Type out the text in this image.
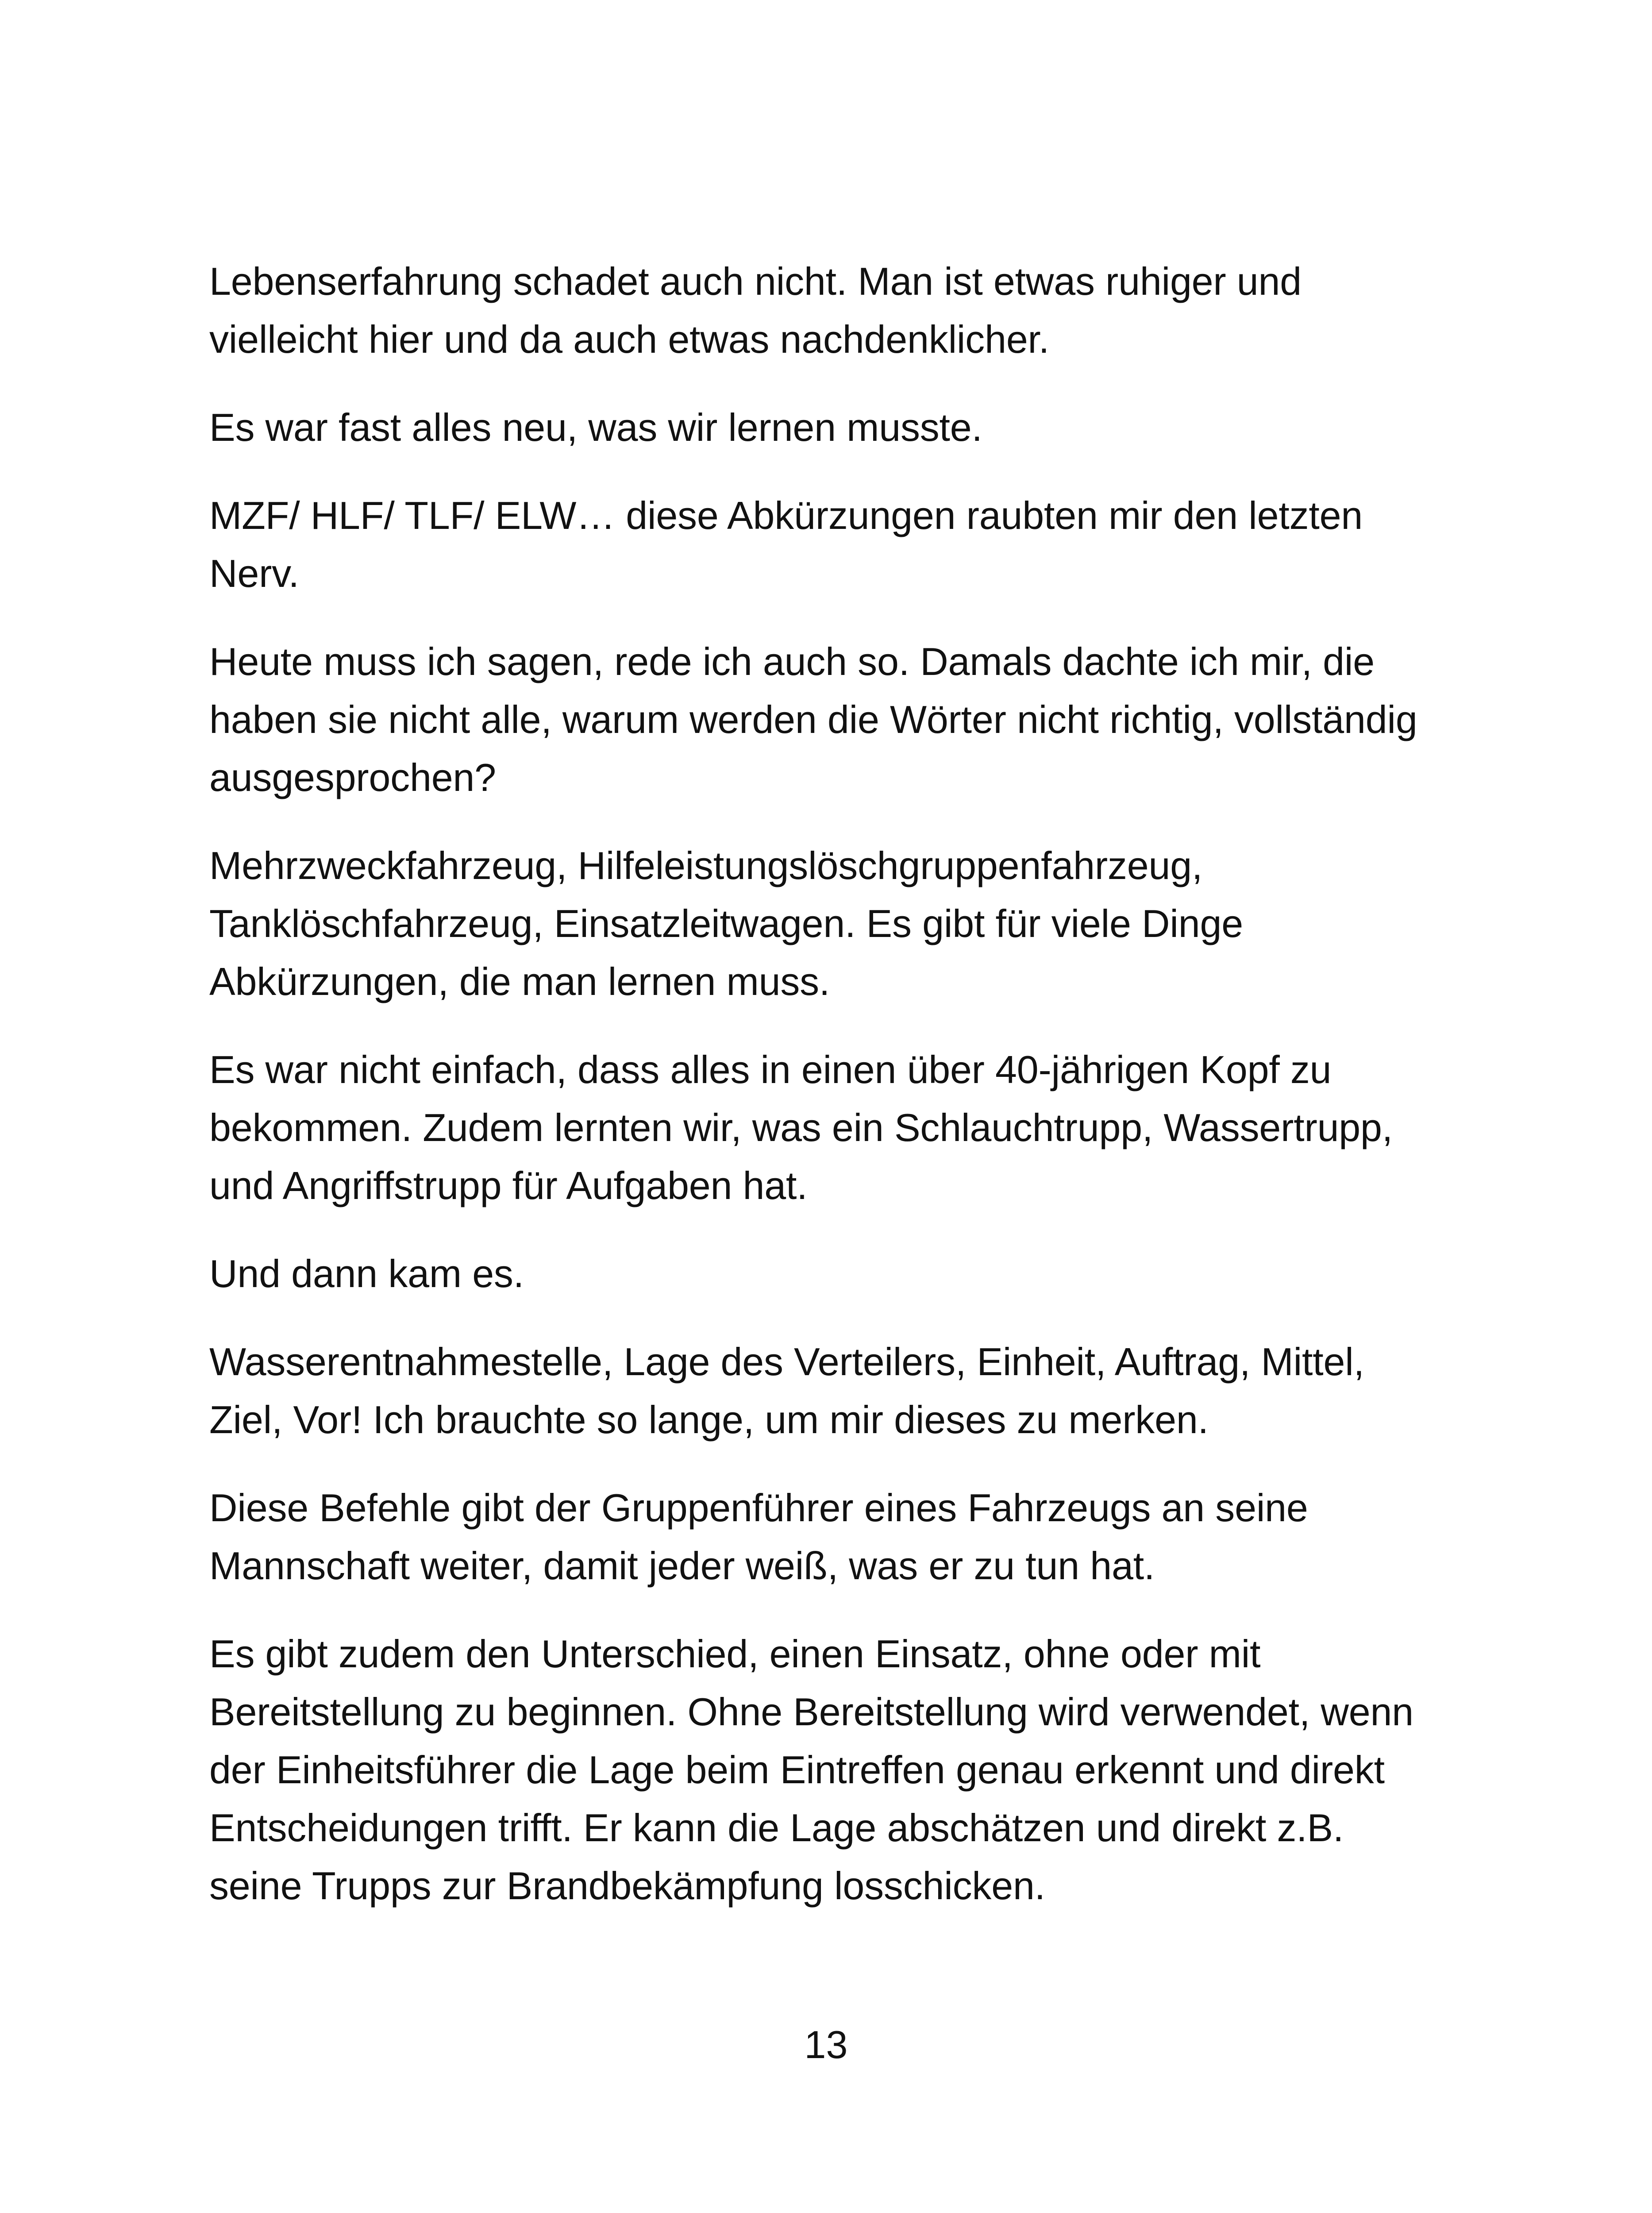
Lebenserfahrung schadet auch nicht. Man ist etwas ruhiger und vielleicht hier und da auch etwas nachdenklicher.

Es war fast alles neu, was wir lernen musste.

MZF/ HLF/ TLF/ ELW… diese Abkürzungen raubten mir den letzten Nerv.

Heute muss ich sagen, rede ich auch so. Damals dachte ich mir, die haben sie nicht alle, warum werden die Wörter nicht richtig, vollständig ausgesprochen?

Mehrzweckfahrzeug, Hilfeleistungslöschgruppenfahrzeug, Tanklöschfahrzeug, Einsatzleitwagen. Es gibt für viele Dinge Abkürzungen, die man lernen muss.

Es war nicht einfach, dass alles in einen über 40-jährigen Kopf zu bekommen. Zudem lernten wir, was ein Schlauchtrupp, Wassertrupp, und Angriffstrupp für Aufgaben hat.

Und dann kam es.

Wasserentnahmestelle, Lage des Verteilers, Einheit, Auftrag, Mittel, Ziel, Vor! Ich brauchte so lange, um mir dieses zu merken.

Diese Befehle gibt der Gruppenführer eines Fahrzeugs an seine Mannschaft weiter, damit jeder weiß, was er zu tun hat.

Es gibt zudem den Unterschied, einen Einsatz, ohne oder mit Bereitstellung zu beginnen. Ohne Bereitstellung wird verwendet, wenn der Einheitsführer die Lage beim Eintreffen genau erkennt und direkt Entscheidungen trifft. Er kann die Lage abschätzen und direkt z.B. seine Trupps zur Brandbekämpfung losschicken.

13
